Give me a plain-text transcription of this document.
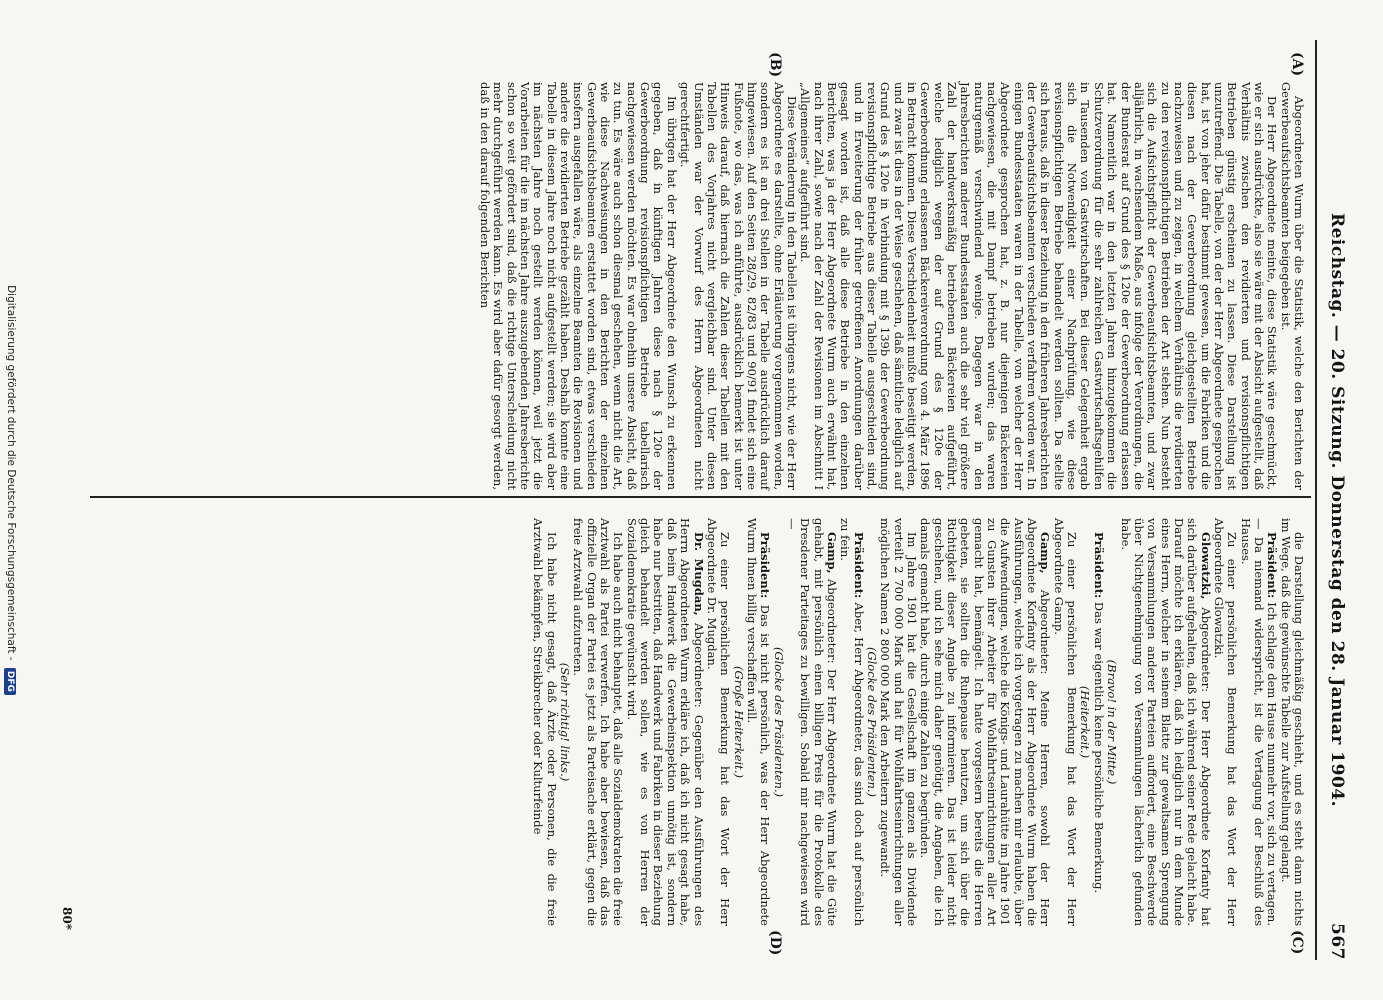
Reichstag. — 20. Sitzung. Donnerstag den 28. Januar 1904.
567
(A)
(B)
(C)
(D)

Abgeordneten Wurm über die Statistik, welche den Berichten der Gewerbeaufsichtsbeamten beigegeben ist.

Der Herr Abgeordnete meinte, diese Statistik wäre geschmückt, wie er sich ausdrückte, also sie wäre mit der Absicht aufgestellt, daß Verhältnis zwischen den revidierten und revisionspflichtigen Betrieben günstig erscheinen zu lassen. Diese Darstellung ist unzutreffend. Die Tabelle, von der der Herr Abgeordnete gesprochen hat, ist von jeher dafür bestimmt gewesen, um die Fabriken und die diesen nach der Gewerbeordnung gleichgestellten Betriebe nachzuweisen und zu zeigen, in welchem Verhältnis die revidierten zu den revisionspflichtigen Betrieben der Art stehen. Nun besteht sich die Aufsichtspflicht der Gewerbeaufsichtsbeamten, und zwar alljährlich, in wachsendem Maße, aus infolge der Verordnungen, die der Bundesrat auf Grund des § 120e der Gewerbeordnung erlassen hat. Namentlich war in den letzten Jahren hinzugekommen die Schutzverordnung für die sehr zahlreichen Gastwirtschaftsgehilfen in Tausenden von Gastwirtschaften. Bei dieser Gelegenheit ergab sich die Notwendigkeit einer Nachprüfung, wie diese revisionspflichtigen Betriebe behandelt werden sollten. Da stellte sich heraus, daß in dieser Beziehung in den früheren Jahresberichten der Gewerbeaufsichtsbeamten verschieden verfahren worden war. In einigen Bundesstaaten waren in der Tabelle, von welcher der Herr Abgeordnete gesprochen hat, z. B. nur diejenigen Bäckereien nachgewiesen, die mit Dampf betrieben wurden; das waren naturgemäß verschwindend wenige. Dagegen war in den Jahresberichten anderer Bundesstaaten auch die sehr viel größere Zahl der handwerksmäßig betriebenen Bäckereien aufgeführt, welche lediglich wegen der auf Grund des § 120e der Gewerbeordnung erlassenen Bäckereiverordnung vom 4. März 1896 in Betracht kommen. Diese Verschiedenheit mußte beseitigt werden, und zwar ist dies in der Weise geschehen, daß sämtliche lediglich auf Grund des § 120e in Verbindung mit § 139b der Gewerbeordnung revisionspflichtige Betriebe aus dieser Tabelle ausgeschieden sind, und in Erweiterung der früher getroffenen Anordnungen darüber gesagt worden ist, daß alle diese Betriebe in den einzelnen Berichten, was ja der Herr Abgeordnete Wurm auch erwähnt hat, nach ihrer Zahl, sowie nach der Zahl der Revisionen im Abschnitt I „Allgemeines“ aufgeführt sind.

Diese Veränderung in den Tabellen ist übrigens nicht, wie der Herr Abgeordnete es darstellte, ohne Erläuterung vorgenommen worden, sondern es ist an drei Stellen in der Tabelle ausdrücklich darauf hingewiesen. Auf den Seiten 28/29, 82/83 und 90/91 findet sich eine Fußnote, wo das, was ich anführte, ausdrücklich bemerkt ist unter Hinweis darauf, daß hiernach die Zahlen dieser Tabellen mit den Tabellen des Vorjahres nicht vergleichbar sind. Unter diesen Umständen war der Vorwurf des Herrn Abgeordneten nicht gerechtfertigt.

Im übrigen hat der Herr Abgeordnete den Wunsch zu erkennen gegeben, daß in künftigen Jahren diese nach § 120e der Gewerbeordnung revisionspflichtigen Betriebe tabellarisch nachgewiesen werden möchten. Es war ohnehin unsere Absicht, daß zu tun. Es wäre auch schon diesmal geschehen, wenn nicht die Art, wie diese Nachweisungen in den Berichten der einzelnen Gewerbeaufsichtsbeamten erstattet worden sind, etwas verschieden insofern ausgefallen wäre, als einzelne Beamten die Revisionen und andere die revidierten Betriebe gezählt haben. Deshalb konnte eine Tabelle in diesem Jahre noch nicht aufgestellt werden; sie wird aber im nächsten Jahre noch gestellt werden können, weil jetzt die Vorarbeiten für die im nächsten Jahre auszugebenden Jahresberichte schon so weit gefördert sind, daß die richtige Unterscheidung nicht mehr durchgeführt werden kann. Es wird aber dafür gesorgt werden, daß in den darauf folgenden Berichten

die Darstellung gleichmäßig geschieht, und es steht dann nichts im Wege, daß die gewünschte Tabelle zur Aufstellung gelangt.

Präsident: Ich schlage dem Hause nunmehr vor, sich zu vertagen. — Da niemand widerspricht, ist die Vertagung der Beschluß des Hauses.

Zu einer persönlichen Bemerkung hat das Wort der Herr Abgeordnete Glowatzki.

Glowatzki, Abgeordneter: Der Herr Abgeordnete Korfanty hat sich darüber aufgehalten, daß ich während seiner Rede gelacht habe. Darauf möchte ich erklären, daß ich lediglich nur in dem Munde eines Herrn, welcher in seinem Blatte zur gewaltsamen Sprengung von Versammlungen anderer Parteien auffordert, eine Beschwerde über Nichtgenehmigung von Versammlungen lächerlich gefunden habe.

(Bravo! in der Mitte.)

Präsident: Das war eigentlich keine persönliche Bemerkung.

(Heiterkeit.)

Zu einer persönlichen Bemerkung hat das Wort der Herr Abgeordnete Gamp.

Gamp, Abgeordneter: Meine Herren, sowohl der Herr Abgeordnete Korfanty als der Herr Abgeordnete Wurm haben die Ausführungen, welche ich vorgetragen zu machen mir erlaubte, über die Aufwendungen, welche die Königs- und Laurahütte im Jahre 1901 zu Gunsten ihrer Arbeiter für Wohlfahrtseinrichtungen aller Art gemacht hat, bemängelt. Ich hatte vorgestern bereits die Herren gebeten, sie sollten die Ruhepause benutzen, um sich über die Richtigkeit dieser Angabe zu informieren. Das ist leider nicht geschehen, und ich sehe mich daher genötigt, die Angaben, die ich damals gemacht habe, durch einige Zahlen zu begründen.

Im Jahre 1901 hat die Gesellschaft im ganzen als Dividende verteilt 2 700 000 Mark und hat für Wohlfahrtseinrichtungen aller möglichen Namen 2 800 000 Mark den Arbeitern zugewandt.

(Glocke des Präsidenten.)

Präsident: Aber, Herr Abgeordneter, das sind doch auf persönlich zu fein.

Gamp, Abgeordneter: Der Herr Abgeordnete Wurm hat die Güte gehabt, mit persönlich einen billigen Preis für die Protokolle des Dresdener Parteitages zu bewilligen. Sobald mir nachgewiesen wird —

(Glocke des Präsidenten.)

Präsident: Das ist nicht persönlich, was der Herr Abgeordnete Wurm Ihnen billig verschaffen will.

(Große Heiterkeit.)

Zu einer persönlichen Bemerkung hat das Wort der Herr Abgeordnete Dr. Mugdan.

Dr. Mugdan, Abgeordneter: Gegenüber den Ausführungen des Herrn Abgeordneten Wurm erkläre ich, daß ich nicht gesagt habe, daß beim Handwerk die Gewerbeinspektion unnötig ist, sondern habe nur bestritten, daß Handwerk und Fabriken in dieser Beziehung gleich behandelt werden sollen, wie es von Herren der Sozialdemokratie gewünscht wird.

Ich habe auch nicht behauptet, daß alle Sozialdemokraten die freie Arztwahl als Partei verwerfen. Ich habe aber bewiesen, daß das offizielle Organ der Partei es jetzt als Parteisache erklärt, gegen die freie Arztwahl aufzutreten.

(Sehr richtig! links.)

Ich habe nicht gesagt, daß Ärzte oder Personen, die die freie Arztwahl bekämpfen, Streikbrecher oder Kulturfeinde

80*
Digitalisierung gefördert durch die Deutsche Forschungsgemeinschaft - DFG
